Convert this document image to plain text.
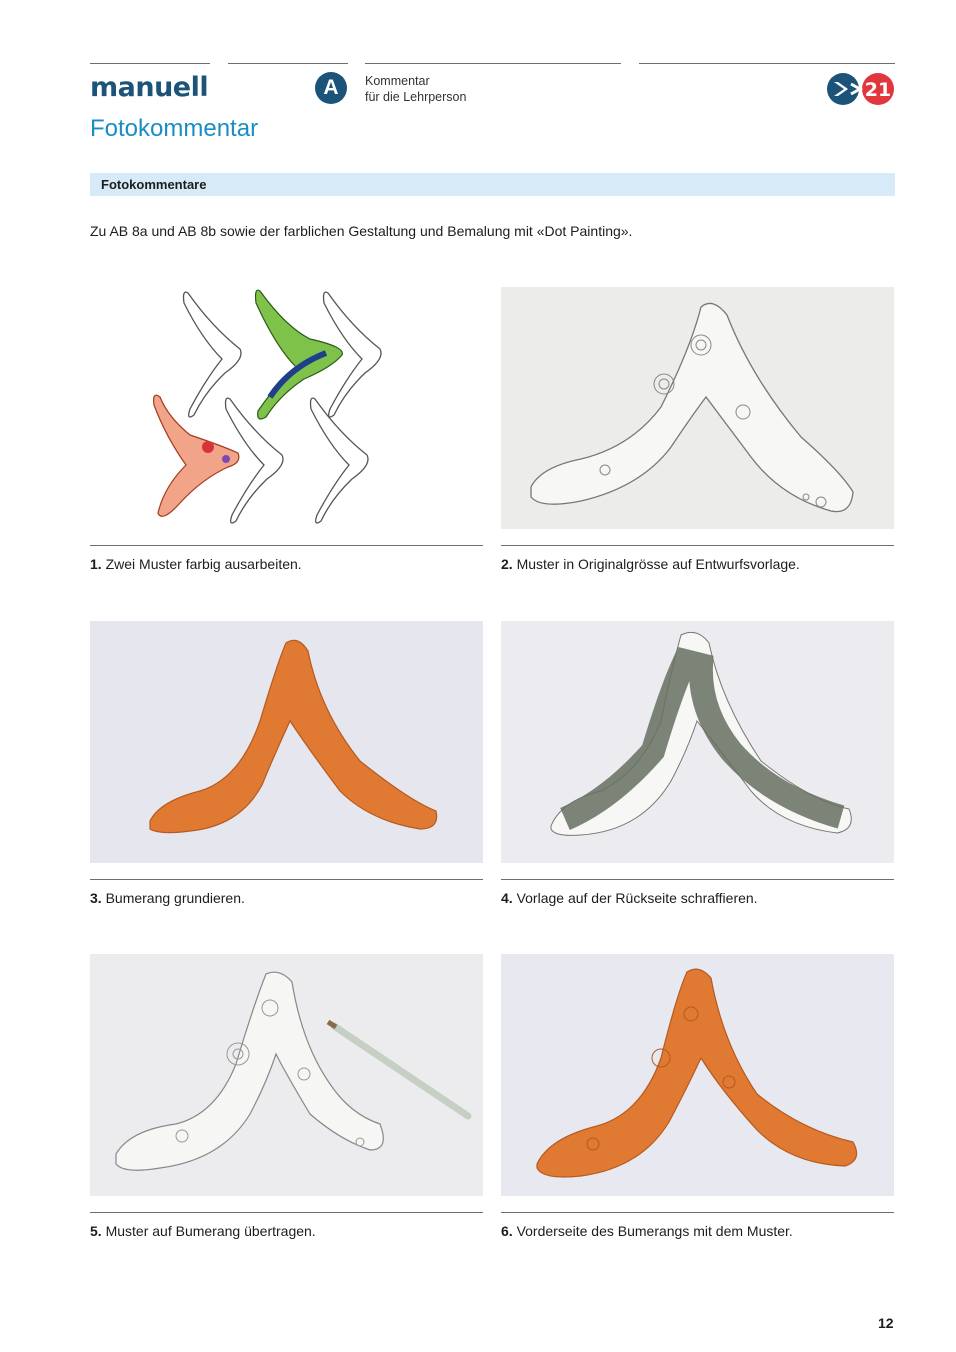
manuell
Fotokommentar
A	Kommentar
für die Lehrperson	21
Fotokommentare
Zu AB 8a und AB 8b sowie der farblichen Gestaltung und Bemalung mit «Dot Painting».
1. Zwei Muster farbig ausarbeiten.	2. Muster in Originalgrösse auf Entwurfsvorlage.
3. Bumerang grundieren.	4. Vorlage auf der Rückseite schraffieren.
5. Muster auf Bumerang übertragen.	6. Vorderseite des Bumerangs mit dem Muster.
12
